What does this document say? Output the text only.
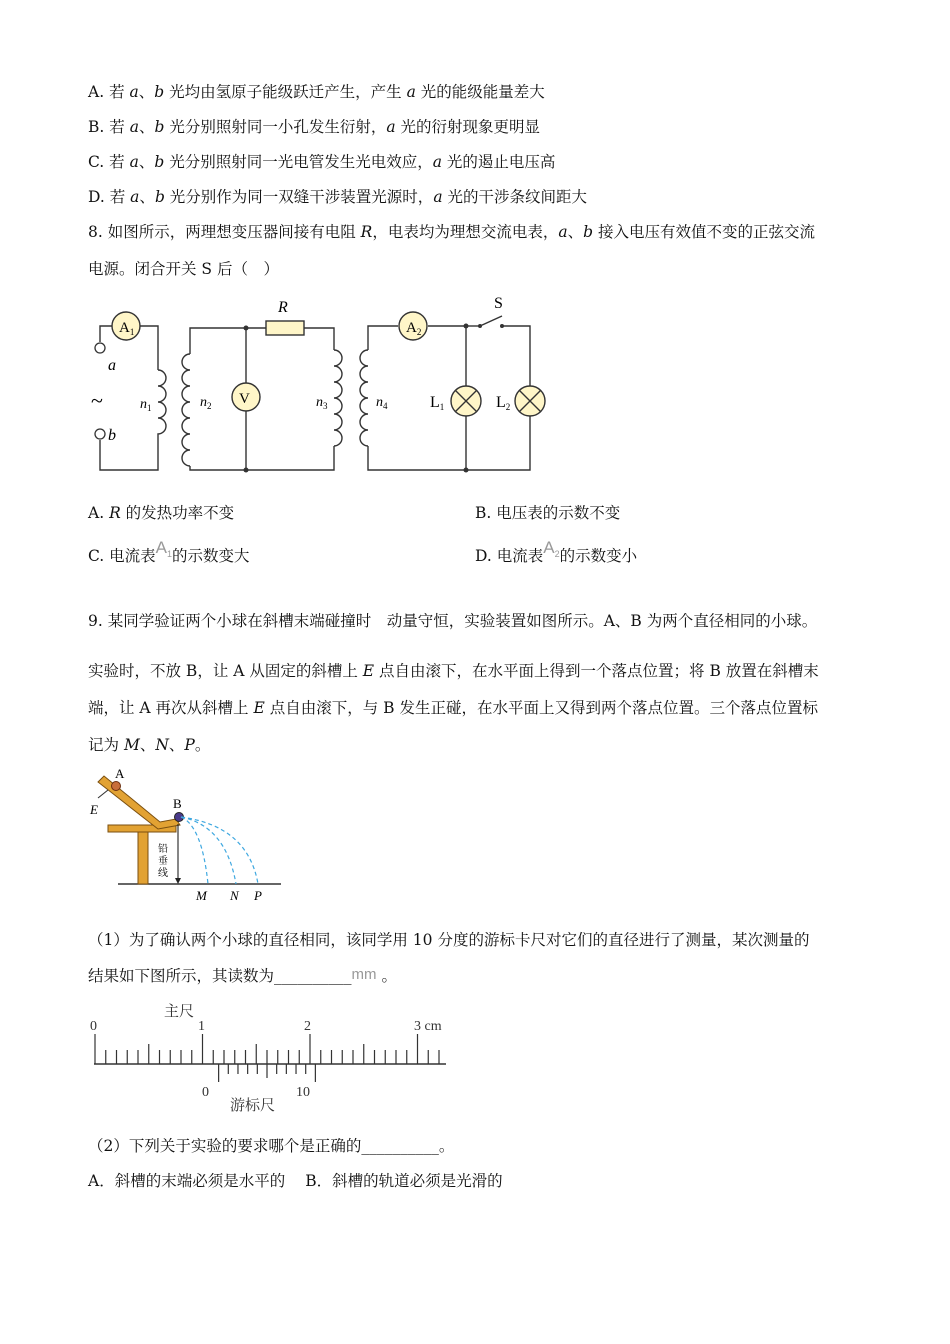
A. 若 a、b 光均由氢原子能级跃迁产生，产生 a 光的能级能量差大
B. 若 a、b 光分别照射同一小孔发生衍射，a 光的衍射现象更明显
C. 若 a、b 光分别照射同一光电管发生光电效应，a 光的遏止电压高
D. 若 a、b 光分别作为同一双缝干涉装置光源时，a 光的干涉条纹间距大
8. 如图所示，两理想变压器间接有电阻 R，电表均为理想交流电表，a、b 接入电压有效值不变的正弦交流
电源。闭合开关 S 后（　）
$A_1$
a
b
~	$n_1$	$n_2$	$n_3$	$n_4$
R
V
$A_2$
S
L1	L2
A. R 的发热功率不变	B. 电压表的示数不变
C. 电流表$A^1$的示数变大	D. 电流表$A^2$的示数变小
9. 某同学验证两个小球在斜槽末端碰撞时　动量守恒，实验装置如图所示。A、B 为两个直径相同的小球。
实验时，不放 B，让 A 从固定的斜槽上 E 点自由滚下，在水平面上得到一个落点位置；将 B 放置在斜槽末
端，让 A 再次从斜槽上 E 点自由滚下，与 B 发生正碰，在水平面上又得到两个落点位置。三个落点位置标
记为 M、N、P。
A
B
E
铅
垂
线
M N P
（1）为了确认两个小球的直径相同，该同学用 10 分度的游标卡尺对它们的直径进行了测量，某次测量的
结果如下图所示，其读数为__________mm 。
主尺
0	1	2	3 cm
0	10
游标尺
（2）下列关于实验的要求哪个是正确的__________。
A．斜槽的末端必须是水平的 B．斜槽的轨道必须是光滑的
